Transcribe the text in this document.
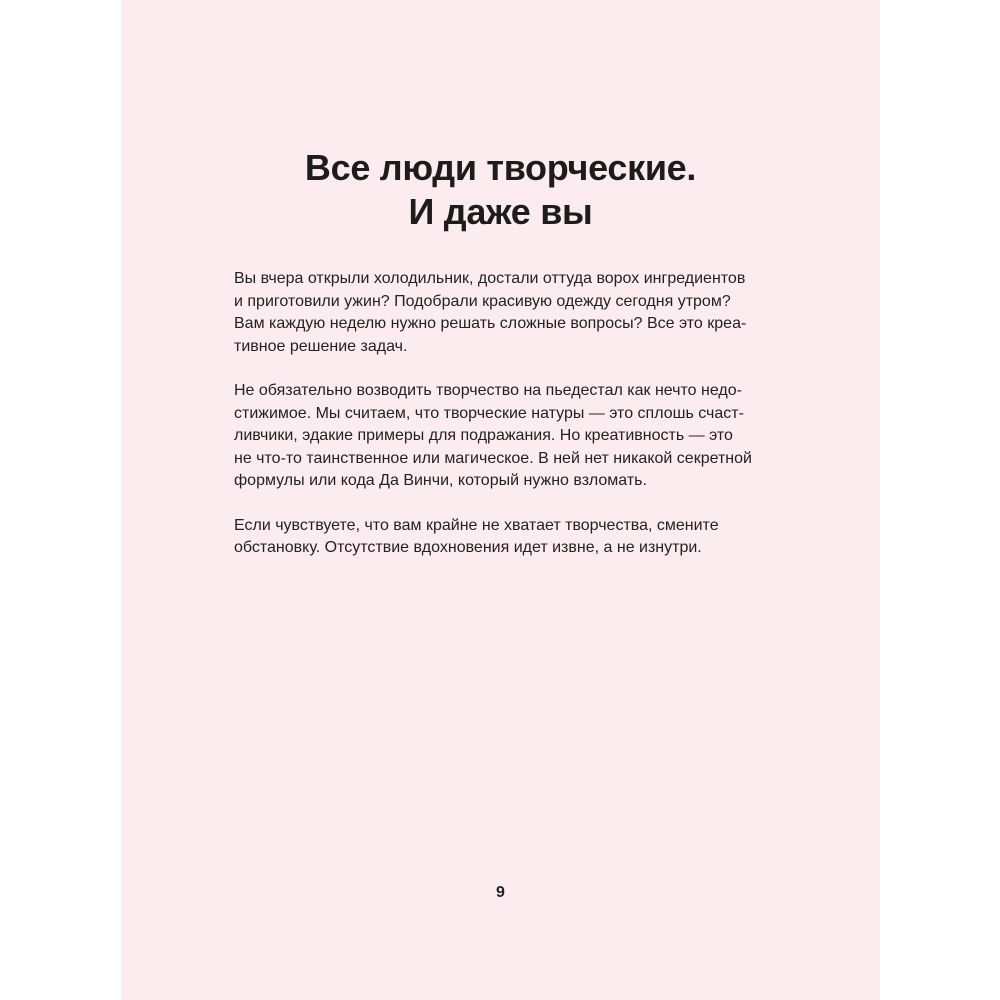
Все люди творческие.
И даже вы

Вы вчера открыли холодильник, достали оттуда ворох ингредиентов
и приготовили ужин? Подобрали красивую одежду сегодня утром?
Вам каждую неделю нужно решать сложные вопросы? Все это креа-
тивное решение задач.

Не обязательно возводить творчество на пьедестал как нечто недо-
стижимое. Мы считаем, что творческие натуры — это сплошь счаст-
ливчики, эдакие примеры для подражания. Но креативность — это
не что-то таинственное или магическое. В ней нет никакой секретной
формулы или кода Да Винчи, который нужно взломать.

Если чувствуете, что вам крайне не хватает творчества, смените
обстановку. Отсутствие вдохновения идет извне, а не изнутри.

9
